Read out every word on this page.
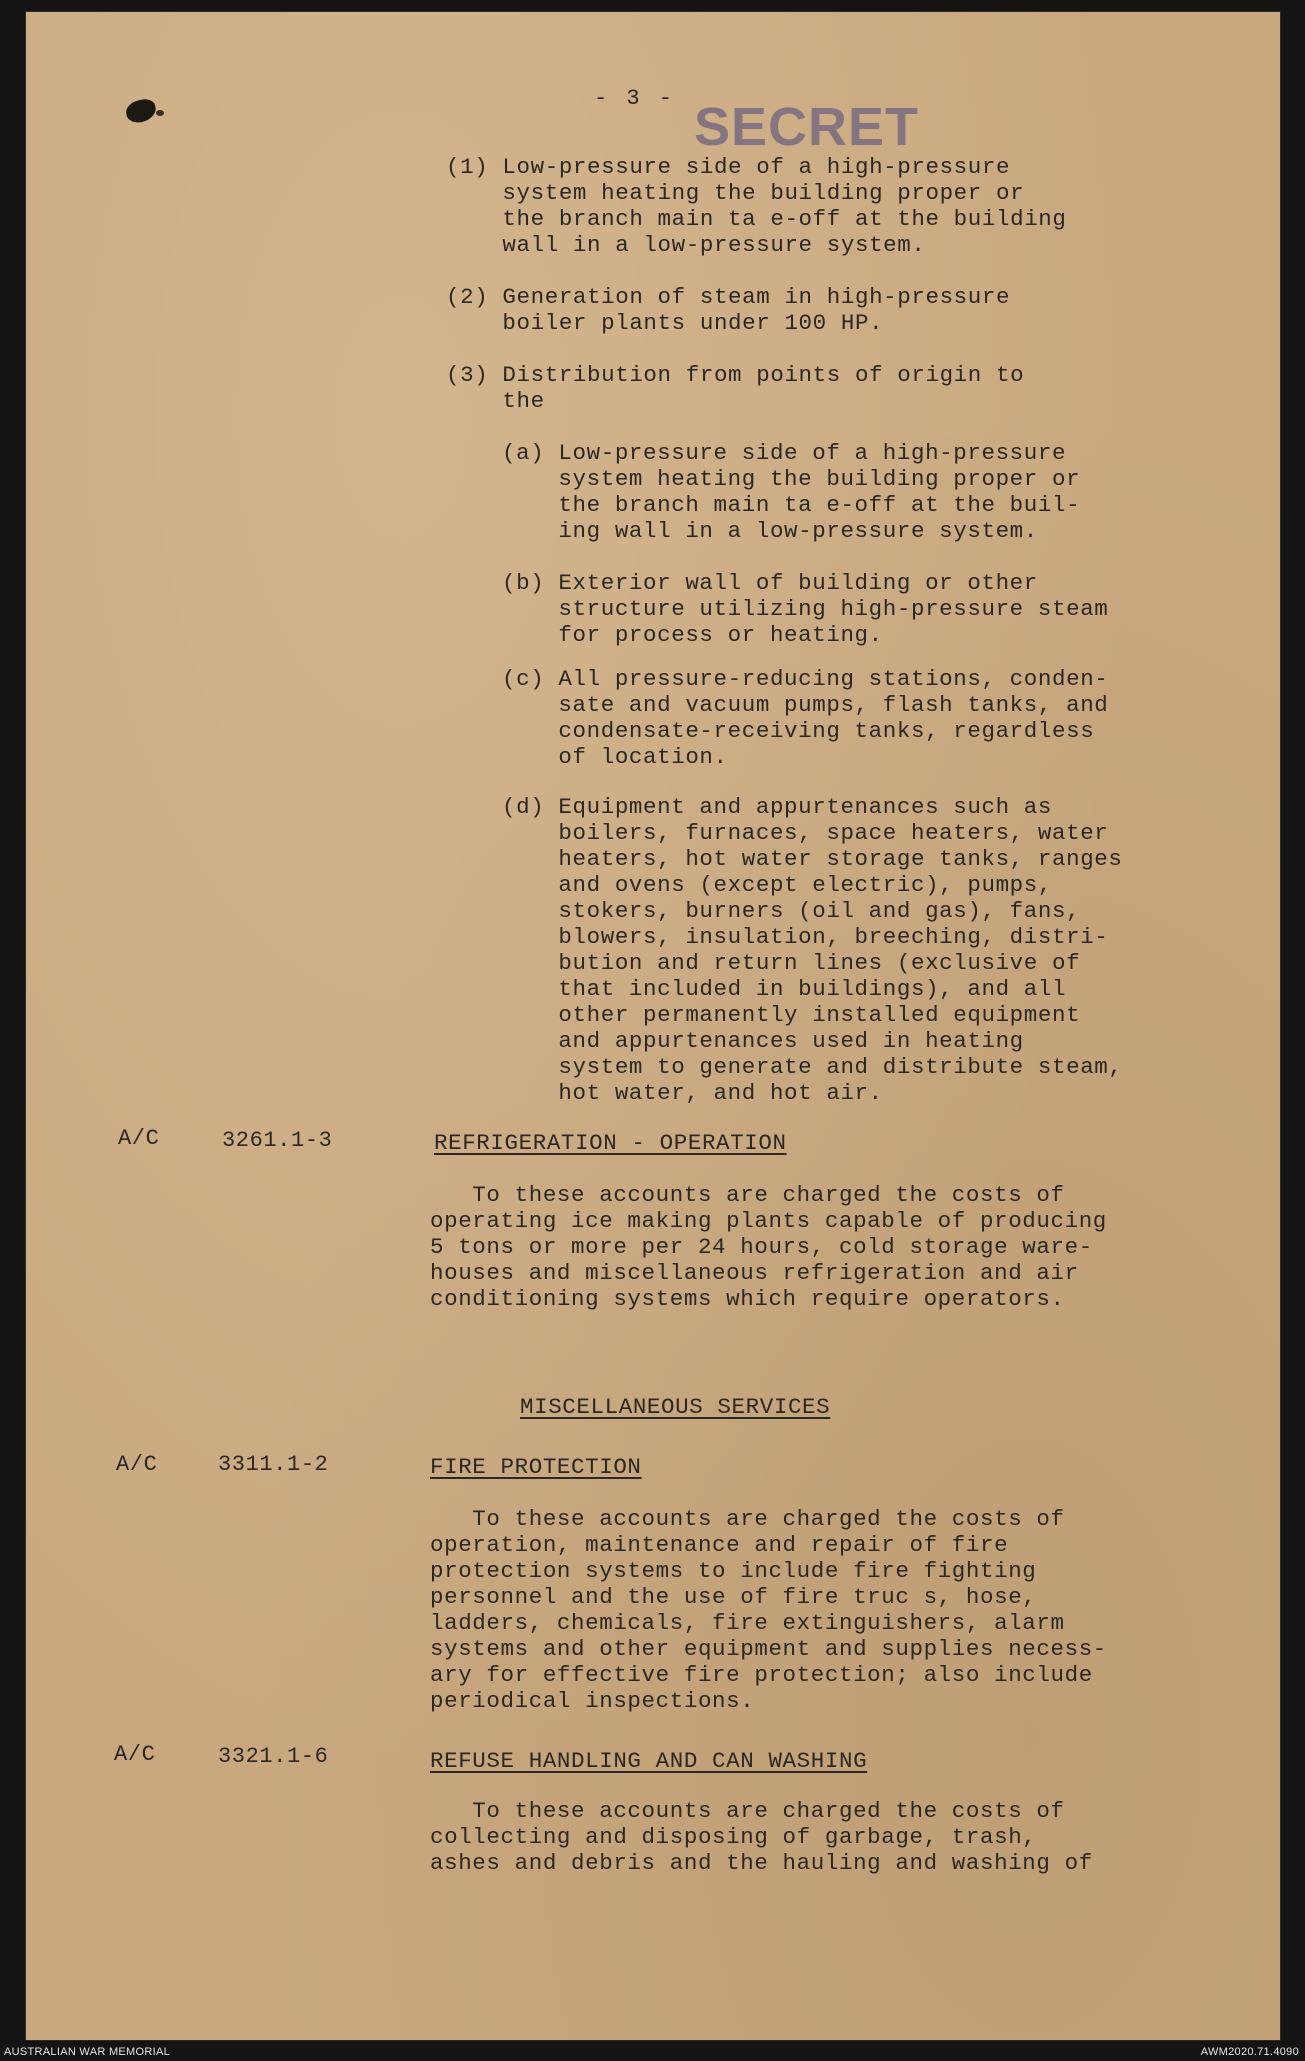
- 3 - SECRET
(1) Low-pressure side of a high-pressure
system heating the building proper or
the branch main ta e-off at the building
wall in a low-pressure system.
(2) Generation of steam in high-pressure
boiler plants under 100 HP.
(3) Distribution from points of origin to
the
(a) Low-pressure side of a high-pressure
system heating the building proper or
the branch main ta e-off at the buil-
ing wall in a low-pressure system.
(b) Exterior wall of building or other
structure utilizing high-pressure steam
for process or heating.
(c) All pressure-reducing stations, conden-
sate and vacuum pumps, flash tanks, and
condensate-receiving tanks, regardless
of location.
(d) Equipment and appurtenances such as
boilers, furnaces, space heaters, water
heaters, hot water storage tanks, ranges
and ovens (except electric), pumps,
stokers, burners (oil and gas), fans,
blowers, insulation, breeching, distri-
bution and return lines (exclusive of
that included in buildings), and all
other permanently installed equipment
and appurtenances used in heating
system to generate and distribute steam,
hot water, and hot air.
A/C	3261.1-3	REFRIGERATION - OPERATION
To these accounts are charged the costs of
operating ice making plants capable of producing
5 tons or more per 24 hours, cold storage ware-
houses and miscellaneous refrigeration and air
conditioning systems which require operators.
MISCELLANEOUS SERVICES
A/C	3311.1-2	FIRE PROTECTION
To these accounts are charged the costs of
operation, maintenance and repair of fire
protection systems to include fire fighting
personnel and the use of fire truc s, hose,
ladders, chemicals, fire extinguishers, alarm
systems and other equipment and supplies necess-
ary for effective fire protection; also include
periodical inspections.
A/C	3321.1-6	REFUSE HANDLING AND CAN WASHING
To these accounts are charged the costs of
collecting and disposing of garbage, trash,
ashes and debris and the hauling and washing of
AUSTRALIAN WAR MEMORIAL	AWM2020.71.4090
